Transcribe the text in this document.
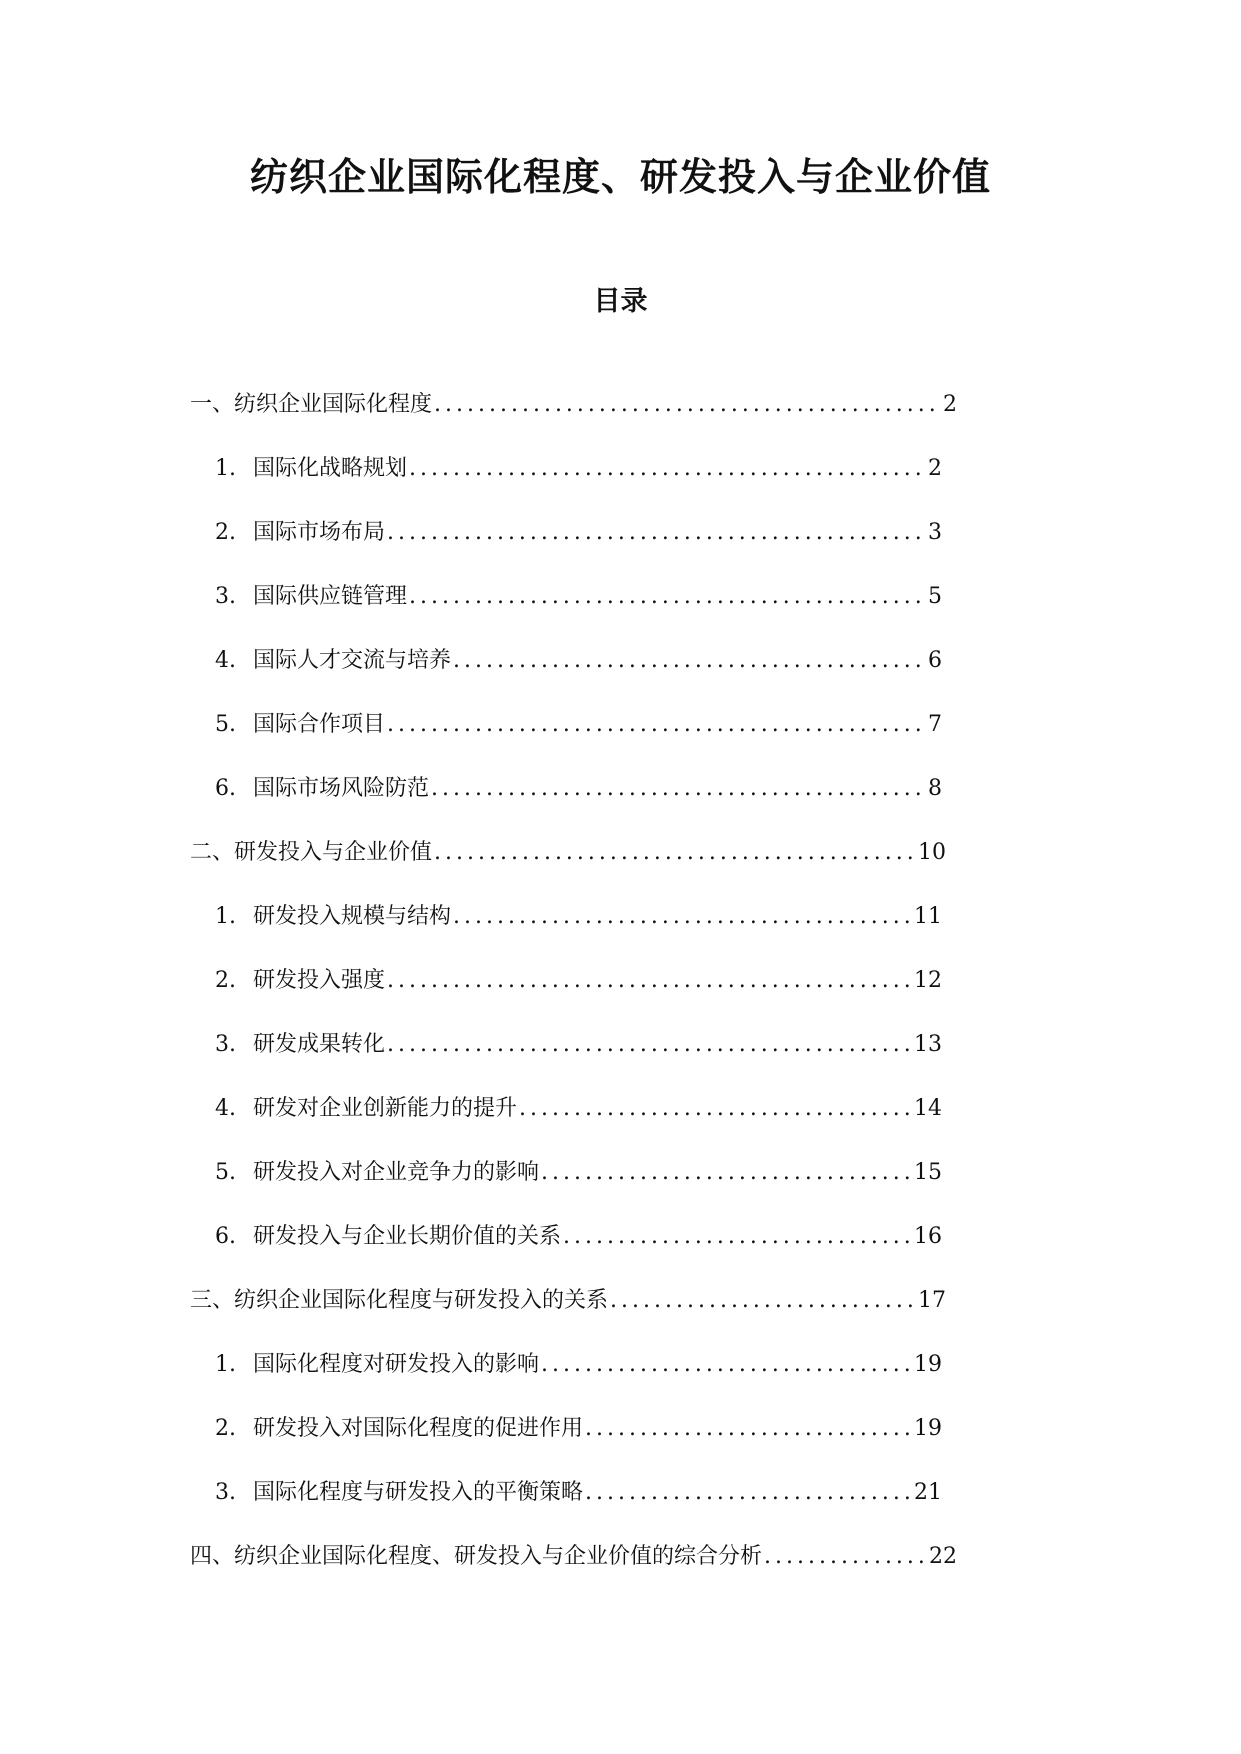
纺织企业国际化程度、研发投入与企业价值
目录
一、纺织企业国际化程度 .....	2
1. 国际化战略规划 .....	2
2. 国际市场布局 .....	3
3. 国际供应链管理 .....	5
4. 国际人才交流与培养 .....	6
5. 国际合作项目 .....	7
6. 国际市场风险防范 .....	8
二、研发投入与企业价值 .....	10
1. 研发投入规模与结构 .....	11
2. 研发投入强度 .....	12
3. 研发成果转化 .....	13
4. 研发对企业创新能力的提升 .....	14
5. 研发投入对企业竞争力的影响 .....	15
6. 研发投入与企业长期价值的关系 .....	16
三、纺织企业国际化程度与研发投入的关系 .....	17
1. 国际化程度对研发投入的影响 .....	19
2. 研发投入对国际化程度的促进作用 .....	19
3. 国际化程度与研发投入的平衡策略 .....	21
四、纺织企业国际化程度、研发投入与企业价值的综合分析 .....	22
